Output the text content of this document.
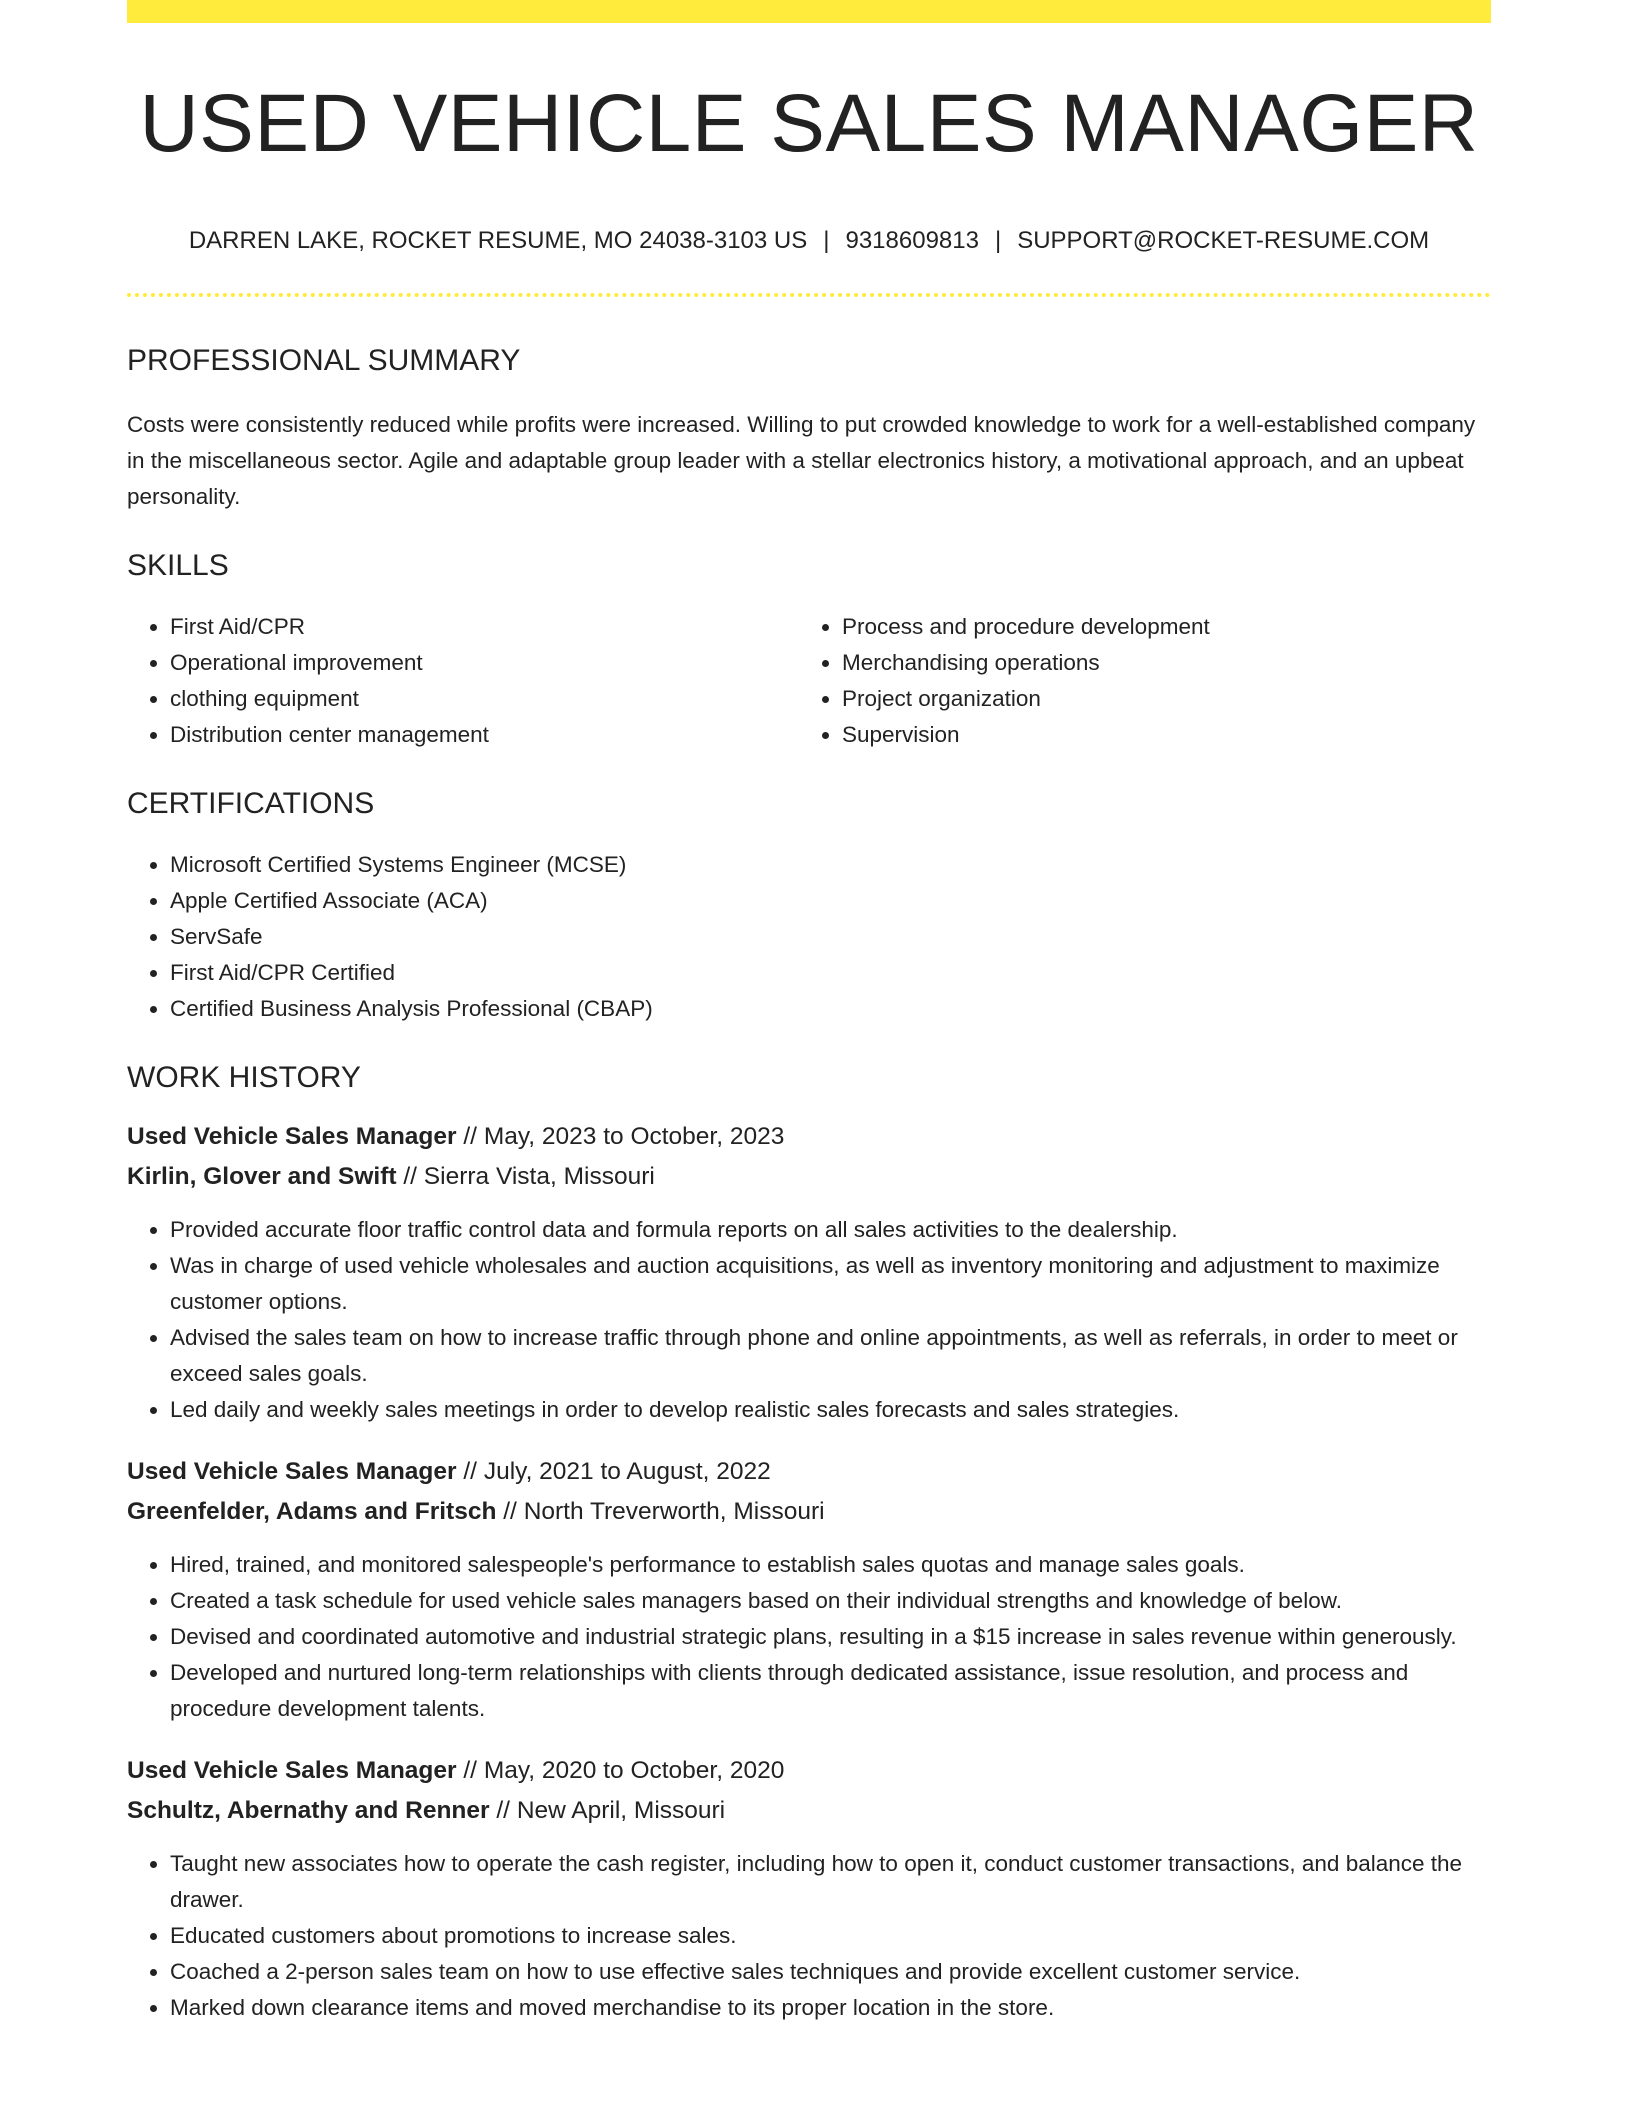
USED VEHICLE SALES MANAGER
DARREN LAKE, ROCKET RESUME, MO 24038-3103 US | 9318609813 | SUPPORT@ROCKET-RESUME.COM
PROFESSIONAL SUMMARY

Costs were consistently reduced while profits were increased. Willing to put crowded knowledge to work for a well-established company in the miscellaneous sector. Agile and adaptable group leader with a stellar electronics history, a motivational approach, and an upbeat personality.

SKILLS
• First Aid/CPR
• Operational improvement
• clothing equipment
• Distribution center management
• Process and procedure development
• Merchandising operations
• Project organization
• Supervision
CERTIFICATIONS
• Microsoft Certified Systems Engineer (MCSE)
• Apple Certified Associate (ACA)
• ServSafe
• First Aid/CPR Certified
• Certified Business Analysis Professional (CBAP)
WORK HISTORY
Used Vehicle Sales Manager // May, 2023 to October, 2023
Kirlin, Glover and Swift // Sierra Vista, Missouri
• Provided accurate floor traffic control data and formula reports on all sales activities to the dealership.
• Was in charge of used vehicle wholesales and auction acquisitions, as well as inventory monitoring and adjustment to maximize customer options.
• Advised the sales team on how to increase traffic through phone and online appointments, as well as referrals, in order to meet or exceed sales goals.
• Led daily and weekly sales meetings in order to develop realistic sales forecasts and sales strategies.
Used Vehicle Sales Manager // July, 2021 to August, 2022
Greenfelder, Adams and Fritsch // North Treverworth, Missouri
• Hired, trained, and monitored salespeople's performance to establish sales quotas and manage sales goals.
• Created a task schedule for used vehicle sales managers based on their individual strengths and knowledge of below.
• Devised and coordinated automotive and industrial strategic plans, resulting in a $15 increase in sales revenue within generously.
• Developed and nurtured long-term relationships with clients through dedicated assistance, issue resolution, and process and procedure development talents.
Used Vehicle Sales Manager // May, 2020 to October, 2020
Schultz, Abernathy and Renner // New April, Missouri
• Taught new associates how to operate the cash register, including how to open it, conduct customer transactions, and balance the drawer.
• Educated customers about promotions to increase sales.
• Coached a 2-person sales team on how to use effective sales techniques and provide excellent customer service.
• Marked down clearance items and moved merchandise to its proper location in the store.
